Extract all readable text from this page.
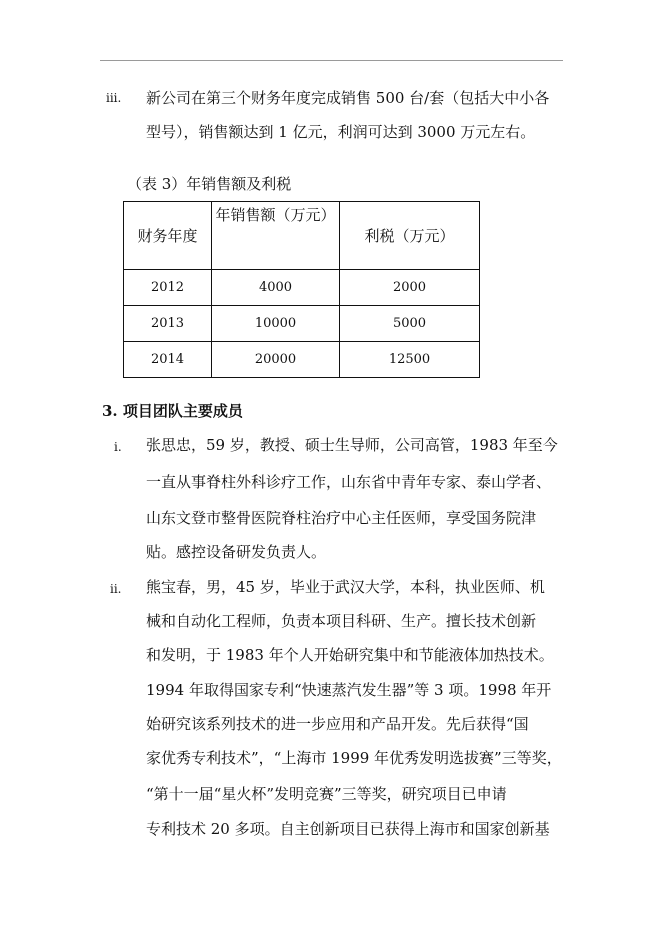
iii. 新公司在第三个财务年度完成销售 500 台/套（包括大中小各
型号），销售额达到 1 亿元，利润可达到 3000 万元左右。
（表 3）年销售额及利税
财务年度	年销售额（万元）	利税（万元）
2012	4000	2000
2013	10000	5000
2014	20000	12500
3. 项目团队主要成员
i. 张思忠，59 岁，教授、硕士生导师，公司高管，1983 年至今
一直从事脊柱外科诊疗工作，山东省中青年专家、泰山学者、
山东文登市整骨医院脊柱治疗中心主任医师，享受国务院津
贴。感控设备研发负责人。
ii. 熊宝春，男，45 岁，毕业于武汉大学，本科，执业医师、机
械和自动化工程师，负责本项目科研、生产。擅长技术创新
和发明，于 1983 年个人开始研究集中和节能液体加热技术。
1994 年取得国家专利“快速蒸汽发生器”等 3 项。1998 年开
始研究该系列技术的进一步应用和产品开发。先后获得“国
家优秀专利技术”，“上海市 1999 年优秀发明选拔赛”三等奖，
“第十一届“星火杯”发明竞赛”三等奖，研究项目已申请
专利技术 20 多项。自主创新项目已获得上海市和国家创新基
